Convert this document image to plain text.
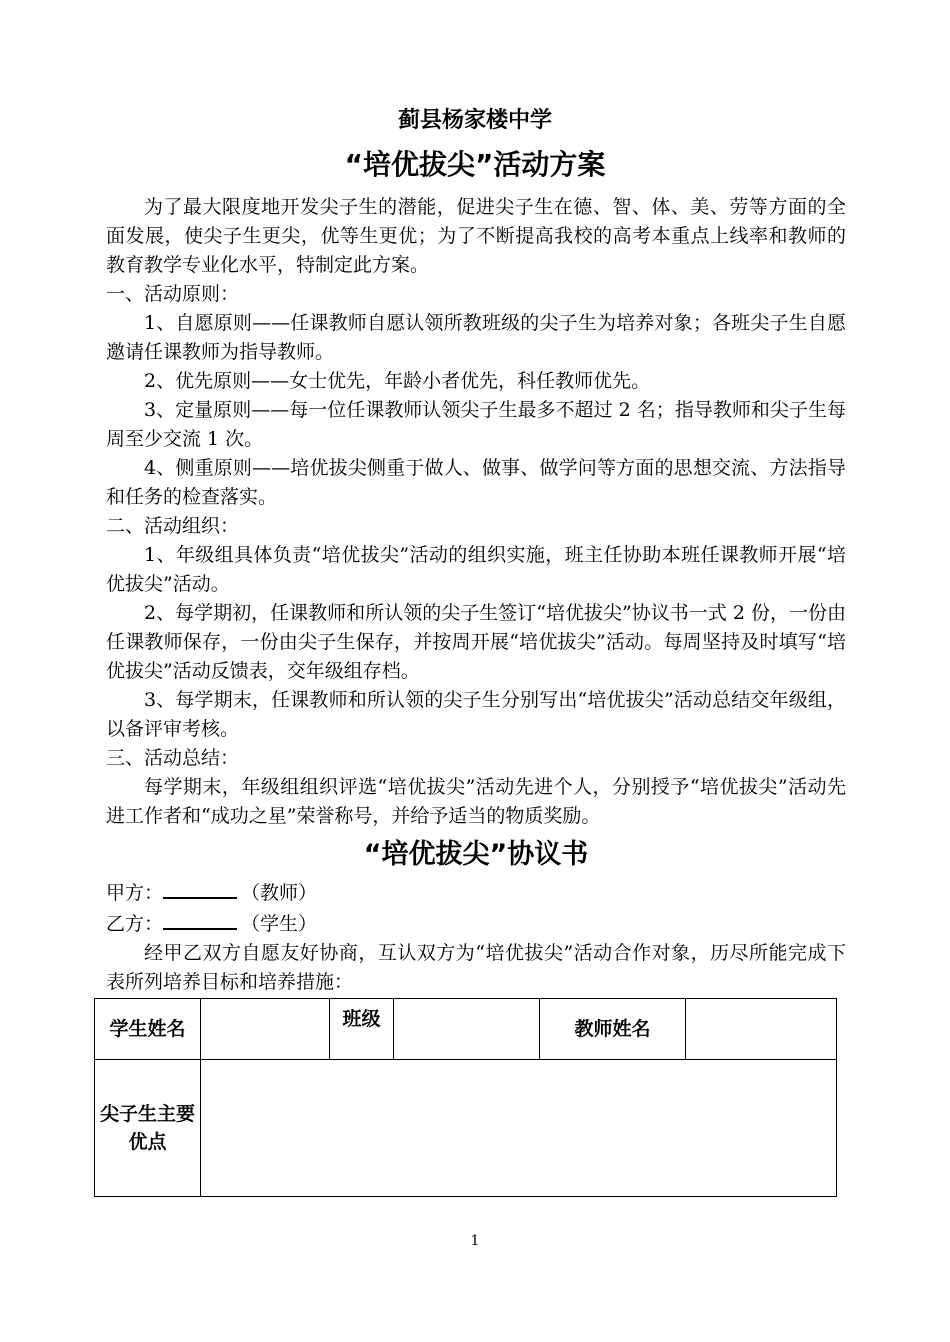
蓟县杨家楼中学
“培优拔尖”活动方案

为了最大限度地开发尖子生的潜能，促进尖子生在德、智、体、美、劳等方面的全面发展，使尖子生更尖，优等生更优；为了不断提高我校的高考本重点上线率和教师的教育教学专业化水平，特制定此方案。

一、活动原则：

1、自愿原则——任课教师自愿认领所教班级的尖子生为培养对象；各班尖子生自愿邀请任课教师为指导教师。

2、优先原则——女士优先，年龄小者优先，科任教师优先。

3、定量原则——每一位任课教师认领尖子生最多不超过 2 名；指导教师和尖子生每周至少交流 1 次。

4、侧重原则——培优拔尖侧重于做人、做事、做学问等方面的思想交流、方法指导和任务的检查落实。

二、活动组织：

1、年级组具体负责“培优拔尖”活动的组织实施，班主任协助本班任课教师开展“培优拔尖”活动。

2、每学期初，任课教师和所认领的尖子生签订“培优拔尖”协议书一式 2 份，一份由任课教师保存，一份由尖子生保存，并按周开展“培优拔尖”活动。每周坚持及时填写“培优拔尖”活动反馈表，交年级组存档。

3、每学期末，任课教师和所认领的尖子生分别写出“培优拔尖”活动总结交年级组，以备评审考核。

三、活动总结：

每学期末，年级组组织评选“培优拔尖”活动先进个人，分别授予“培优拔尖”活动先进工作者和“成功之星”荣誉称号，并给予适当的物质奖励。

“培优拔尖”协议书

甲方：	（教师）

乙方：	（学生）

经甲乙双方自愿友好协商，互认双方为“培优拔尖”活动合作对象，历尽所能完成下表所列培养目标和培养措施：

学生姓名		班级		教师姓名	
尖子生主要优点					
1
